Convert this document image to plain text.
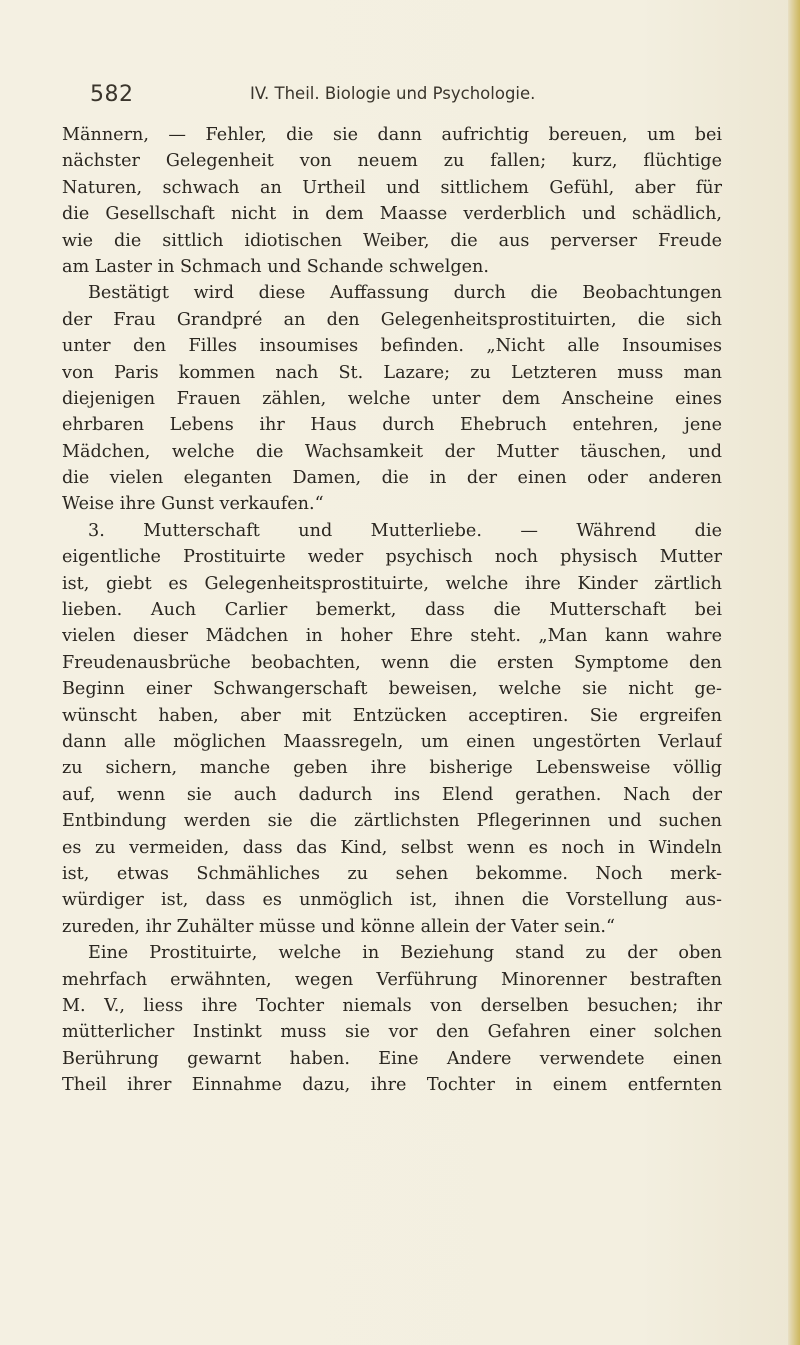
582	IV. Theil. Biologie und Psychologie.
Männern, — Fehler, die sie dann aufrichtig bereuen, um bei
nächster Gelegenheit von neuem zu fallen; kurz, flüchtige
Naturen, schwach an Urtheil und sittlichem Gefühl, aber für
die Gesellschaft nicht in dem Maasse verderblich und schädlich,
wie die sittlich idiotischen Weiber, die aus perverser Freude
am Laster in Schmach und Schande schwelgen.
Bestätigt wird diese Auffassung durch die Beobachtungen
der Frau Grandpré an den Gelegenheitsprostituirten, die sich
unter den Filles insoumises befinden. „Nicht alle Insoumises
von Paris kommen nach St. Lazare; zu Letzteren muss man
diejenigen Frauen zählen, welche unter dem Anscheine eines
ehrbaren Lebens ihr Haus durch Ehebruch entehren, jene
Mädchen, welche die Wachsamkeit der Mutter täuschen, und
die vielen eleganten Damen, die in der einen oder anderen
Weise ihre Gunst verkaufen.“
3. Mutterschaft und Mutterliebe. — Während die
eigentliche Prostituirte weder psychisch noch physisch Mutter
ist, giebt es Gelegenheitsprostituirte, welche ihre Kinder zärtlich
lieben. Auch Carlier bemerkt, dass die Mutterschaft bei
vielen dieser Mädchen in hoher Ehre steht. „Man kann wahre
Freudenausbrüche beobachten, wenn die ersten Symptome den
Beginn einer Schwangerschaft beweisen, welche sie nicht ge-
wünscht haben, aber mit Entzücken acceptiren. Sie ergreifen
dann alle möglichen Maassregeln, um einen ungestörten Verlauf
zu sichern, manche geben ihre bisherige Lebensweise völlig
auf, wenn sie auch dadurch ins Elend gerathen. Nach der
Entbindung werden sie die zärtlichsten Pflegerinnen und suchen
es zu vermeiden, dass das Kind, selbst wenn es noch in Windeln
ist, etwas Schmähliches zu sehen bekomme. Noch merk-
würdiger ist, dass es unmöglich ist, ihnen die Vorstellung aus-
zureden, ihr Zuhälter müsse und könne allein der Vater sein.“
Eine Prostituirte, welche in Beziehung stand zu der oben
mehrfach erwähnten, wegen Verführung Minorenner bestraften
M. V., liess ihre Tochter niemals von derselben besuchen; ihr
mütterlicher Instinkt muss sie vor den Gefahren einer solchen
Berührung gewarnt haben. Eine Andere verwendete einen
Theil ihrer Einnahme dazu, ihre Tochter in einem entfernten
